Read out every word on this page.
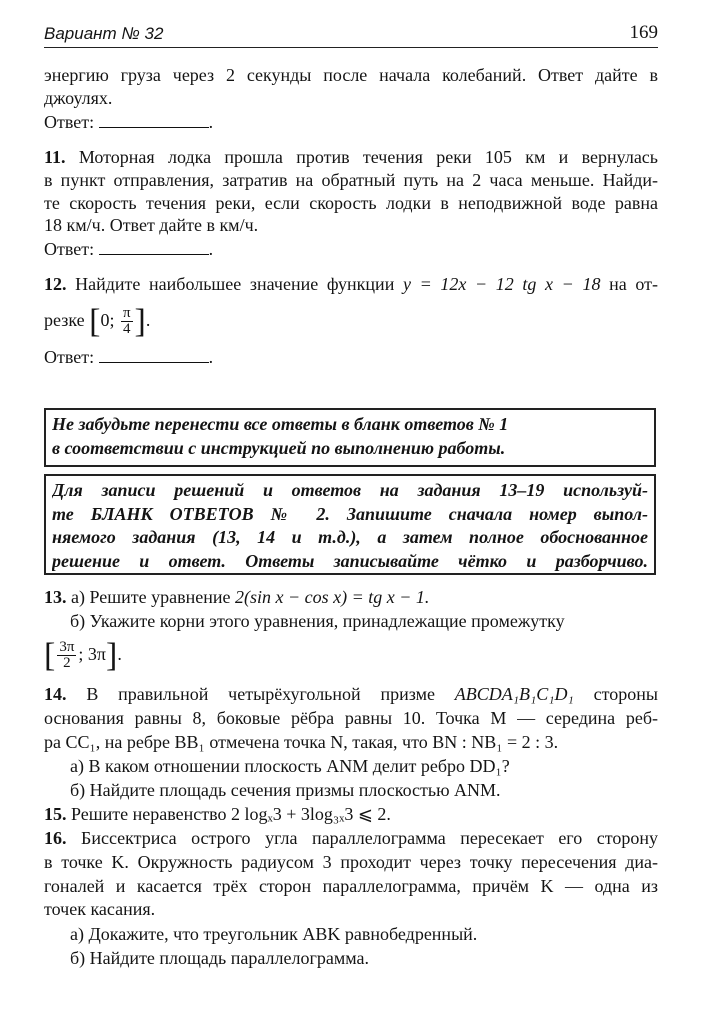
Вариант № 32	169
энергию груза через 2 секунды после начала колебаний. Ответ дайте в
джоулях.
Ответ:	.
11. Моторная лодка прошла против течения реки 105 км и вернулась
в пункт отправления, затратив на обратный путь на 2 часа меньше. Найди-
те скорость течения реки, если скорость лодки в неподвижной воде равна
18 км/ч. Ответ дайте в км/ч.
Ответ:	.
12. Найдите наибольшее значение функции y = 12x − 12 tg x − 18 на от-
резке [0; $\frac{\pi}{4}$ ].
Ответ:	.
Не забудьте перенести все ответы в бланк ответов № 1
в соответствии с инструкцией по выполнению работы.
Для записи решений и ответов на задания 13–19 используй-
те БЛАНК ОТВЕТОВ № 2. Запишите сначала номер выпол-
няемого задания (13, 14 и т.д.), а затем полное обоснованное
решение и ответ. Ответы записывайте чётко и разборчиво.
13. а) Решите уравнение 2(sin x − cos x) = tg x − 1.
б) Укажите корни этого уравнения, принадлежащие промежутку
[ $\frac{3\pi}{2}$ ; 3π].
14. В правильной четырёхугольной призме ABCDA₁B₁C₁D₁ стороны
основания равны 8, боковые рёбра равны 10. Точка M — середина реб-
ра CC₁, на ребре BB₁ отмечена точка N, такая, что BN : NB₁ = 2 : 3.
а) В каком отношении плоскость ANM делит ребро DD₁?
б) Найдите площадь сечения призмы плоскостью ANM.
15. Решите неравенство 2 logₓ3 + 3log₃ₓ3 ⩽ 2.
16. Биссектриса острого угла параллелограмма пересекает его сторону
в точке K. Окружность радиусом 3 проходит через точку пересечения диа-
гоналей и касается трёх сторон параллелограмма, причём K — одна из
точек касания.
а) Докажите, что треугольник ABK равнобедренный.
б) Найдите площадь параллелограмма.
